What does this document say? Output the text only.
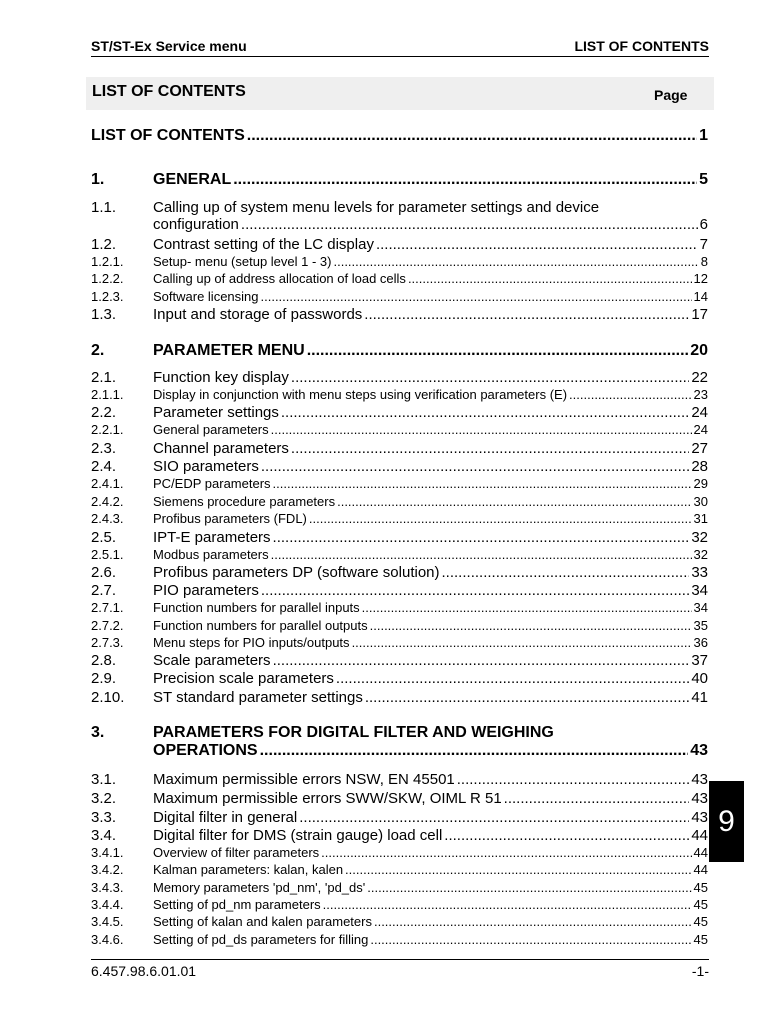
ST/ST-Ex Service menu	LIST OF CONTENTS
LIST OF CONTENTS	Page
LIST OF CONTENTS .....	1
1.	GENERAL .....	5
1.1. Calling up of system menu levels for parameter settings and device
configuration .....	6
1.2. Contrast setting of the LC display .....	7
1.2.1. Setup- menu (setup level 1 - 3) .....	8
1.2.2. Calling up of address allocation of load cells .....	12
1.2.3. Software licensing .....	14
1.3. Input and storage of passwords .....	17
2.	PARAMETER MENU .....	20
2.1. Function key display .....	22
2.1.1. Display in conjunction with menu steps using verification parameters (E) .....	23
2.2. Parameter settings .....	24
2.2.1. General parameters .....	24
2.3. Channel parameters .....	27
2.4. SIO parameters .....	28
2.4.1. PC/EDP parameters .....	29
2.4.2. Siemens procedure parameters .....	30
2.4.3. Profibus parameters (FDL) .....	31
2.5. IPT-E parameters .....	32
2.5.1. Modbus parameters .....	32
2.6. Profibus parameters DP (software solution) .....	33
2.7. PIO parameters .....	34
2.7.1. Function numbers for parallel inputs .....	34
2.7.2. Function numbers for parallel outputs .....	35
2.7.3. Menu steps for PIO inputs/outputs .....	36
2.8. Scale parameters .....	37
2.9. Precision scale parameters .....	40
2.10. ST standard parameter settings .....	41
3.	PARAMETERS FOR DIGITAL FILTER AND WEIGHING
OPERATIONS .....	43
3.1. Maximum permissible errors NSW, EN 45501 .....	43
3.2. Maximum permissible errors SWW/SKW, OIML R 51 .....	43
3.3. Digital filter in general .....	43
3.4. Digital filter for DMS (strain gauge) load cell .....	44
3.4.1. Overview of filter parameters .....	44
3.4.2. Kalman parameters: kalan, kalen .....	44
3.4.3. Memory parameters 'pd_nm', 'pd_ds' .....	45
3.4.4. Setting of pd_nm parameters .....	45
3.4.5. Setting of kalan and kalen parameters .....	45
3.4.6. Setting of pd_ds parameters for filling .....	45
9
6.457.98.6.01.01	-1-
